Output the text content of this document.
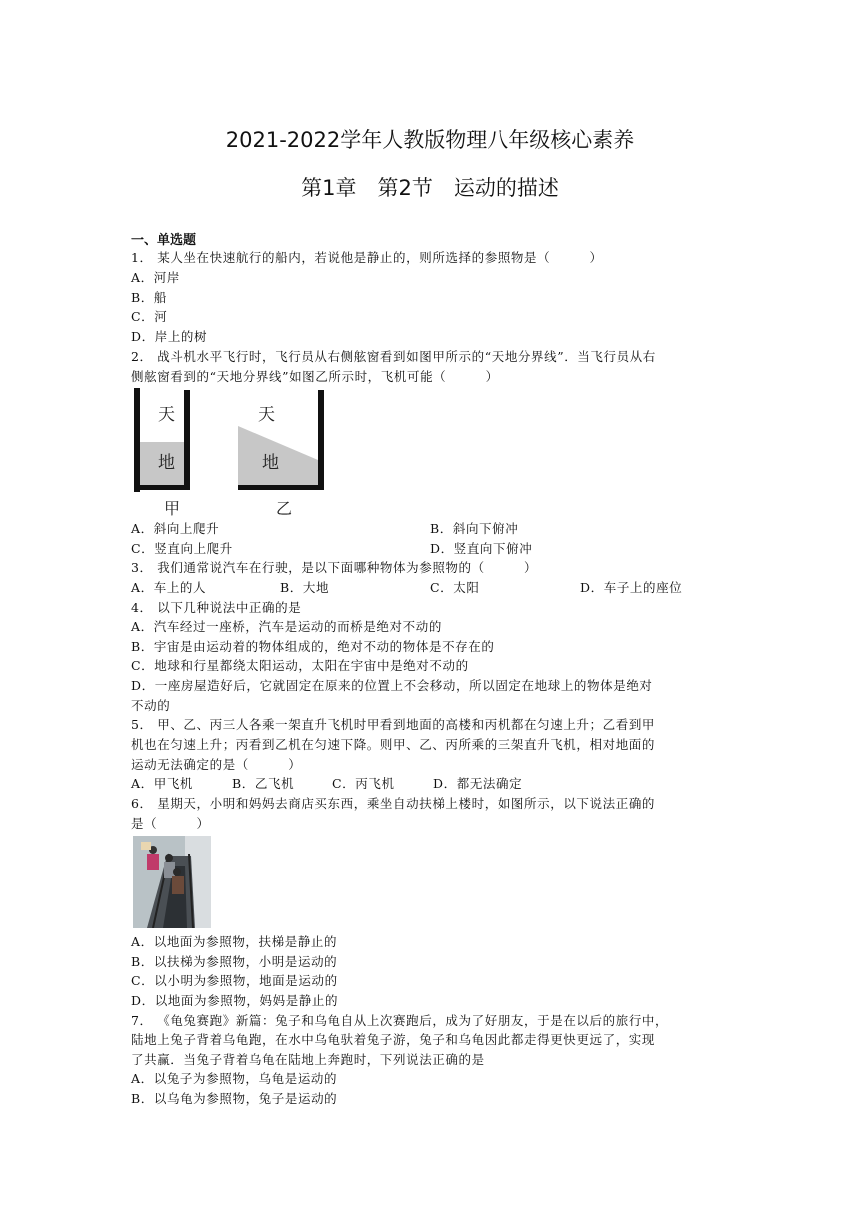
2021-2022学年人教版物理八年级核心素养
第1章　第2节　运动的描述
一、单选题
1． 某人坐在快速航行的船内，若说他是静止的，则所选择的参照物是（　　　）
A．河岸
B．船
C．河
D．岸上的树
2． 战斗机水平飞行时，飞行员从右侧舷窗看到如图甲所示的“天地分界线”．当飞行员从右
侧舷窗看到的“天地分界线”如图乙所示时，飞机可能（　　　）
天
地
甲
天
地
乙
A．斜向上爬升	B．斜向下俯冲
C．竖直向上爬升	D．竖直向下俯冲
3． 我们通常说汽车在行驶，是以下面哪种物体为参照物的（　　　）
A．车上的人	B．大地	C．太阳	D．车子上的座位
4． 以下几种说法中正确的是
A．汽车经过一座桥，汽车是运动的而桥是绝对不动的
B．宇宙是由运动着的物体组成的，绝对不动的物体是不存在的
C．地球和行星都绕太阳运动，太阳在宇宙中是绝对不动的
D．一座房屋造好后，它就固定在原来的位置上不会移动，所以固定在地球上的物体是绝对
不动的
5． 甲、乙、丙三人各乘一架直升飞机时甲看到地面的高楼和丙机都在匀速上升；乙看到甲
机也在匀速上升；丙看到乙机在匀速下降。则甲、乙、丙所乘的三架直升飞机，相对地面的
运动无法确定的是（　　　）
A．甲飞机	B．乙飞机	C．丙飞机	D．都无法确定
6． 星期天，小明和妈妈去商店买东西，乘坐自动扶梯上楼时，如图所示，以下说法正确的
是（　　　）
A．以地面为参照物，扶梯是静止的
B．以扶梯为参照物，小明是运动的
C．以小明为参照物，地面是运动的
D．以地面为参照物，妈妈是静止的
7． 《龟兔赛跑》新篇：兔子和乌龟自从上次赛跑后，成为了好朋友，于是在以后的旅行中，
陆地上兔子背着乌龟跑，在水中乌龟驮着兔子游，兔子和乌龟因此都走得更快更远了，实现
了共赢．当兔子背着乌龟在陆地上奔跑时，下列说法正确的是
A．以兔子为参照物，乌龟是运动的
B．以乌龟为参照物，兔子是运动的
